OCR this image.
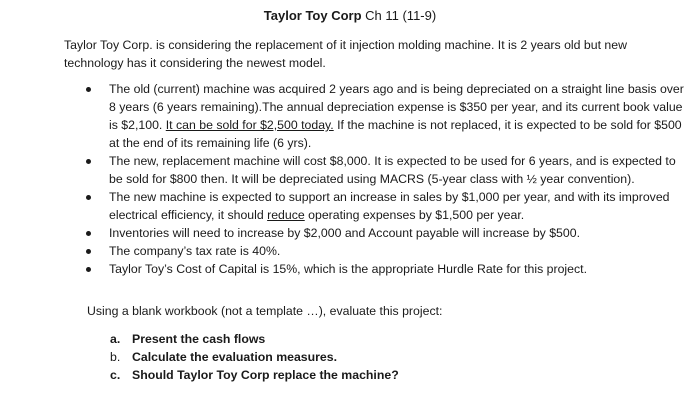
Taylor Toy Corp Ch 11 (11-9)
Taylor Toy Corp. is considering the replacement of it injection molding machine. It is 2 years old but new technology has it considering the newest model.
The old (current) machine was acquired 2 years ago and is being depreciated on a straight line basis over 8 years (6 years remaining).The annual depreciation expense is $350 per year, and its current book value is $2,100. It can be sold for $2,500 today. If the machine is not replaced, it is expected to be sold for $500 at the end of its remaining life (6 yrs).
The new, replacement machine will cost $8,000. It is expected to be used for 6 years, and is expected to be sold for $800 then. It will be depreciated using MACRS (5-year class with ½ year convention).
The new machine is expected to support an increase in sales by $1,000 per year, and with its improved electrical efficiency, it should reduce operating expenses by $1,500 per year.
Inventories will need to increase by $2,000 and Account payable will increase by $500.
The company’s tax rate is 40%.
Taylor Toy’s Cost of Capital is 15%, which is the appropriate Hurdle Rate for this project.
Using a blank workbook (not a template …), evaluate this project:
a. Present the cash flows
b. Calculate the evaluation measures.
c. Should Taylor Toy Corp replace the machine?
